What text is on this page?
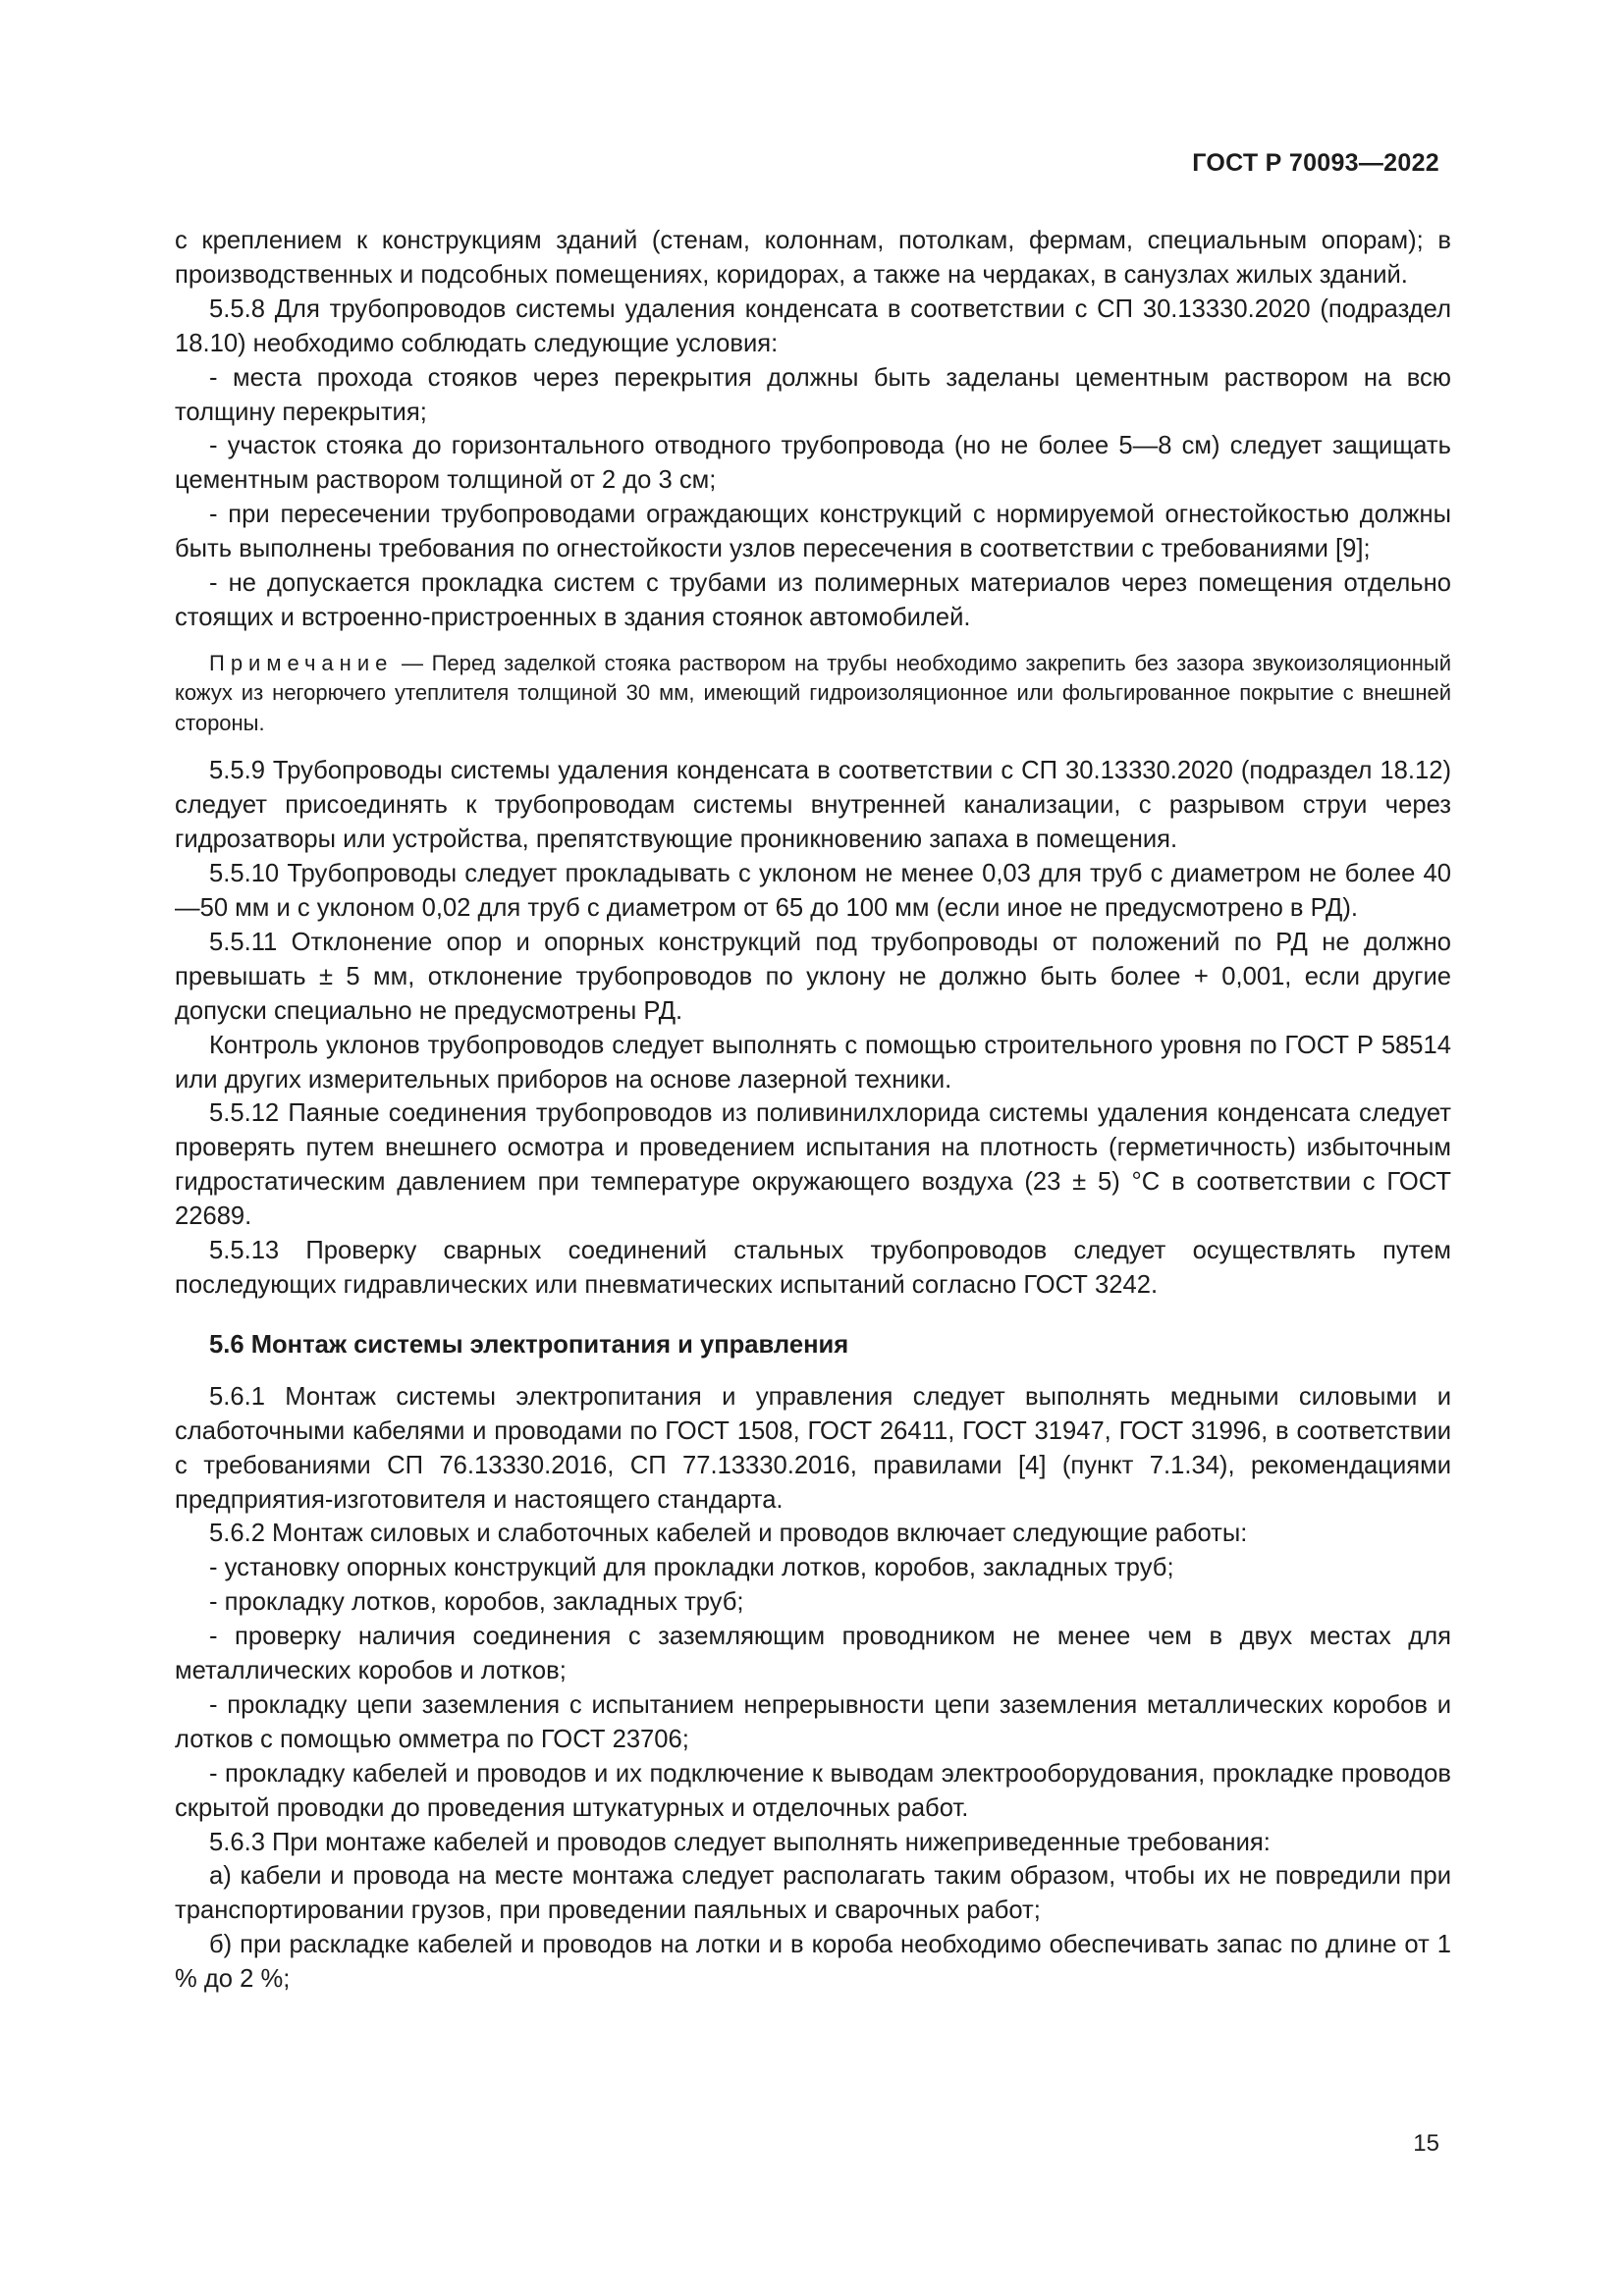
ГОСТ Р 70093—2022

с креплением к конструкциям зданий (стенам, колоннам, потолкам, фермам, специальным опорам); в производственных и подсобных помещениях, коридорах, а также на чердаках, в санузлах жилых зданий.

5.5.8 Для трубопроводов системы удаления конденсата в соответствии с СП 30.13330.2020 (подраздел 18.10) необходимо соблюдать следующие условия:

- места прохода стояков через перекрытия должны быть заделаны цементным раствором на всю толщину перекрытия;

- участок стояка до горизонтального отводного трубопровода (но не более 5—8 см) следует защищать цементным раствором толщиной от 2 до 3 см;

- при пересечении трубопроводами ограждающих конструкций с нормируемой огнестойкостью должны быть выполнены требования по огнестойкости узлов пересечения в соответствии с требованиями [9];

- не допускается прокладка систем с трубами из полимерных материалов через помещения отдельно стоящих и встроенно-пристроенных в здания стоянок автомобилей.

Примечание — Перед заделкой стояка раствором на трубы необходимо закрепить без зазора звукоизоляционный кожух из негорючего утеплителя толщиной 30 мм, имеющий гидроизоляционное или фольгированное покрытие с внешней стороны.

5.5.9 Трубопроводы системы удаления конденсата в соответствии с СП 30.13330.2020 (подраздел 18.12) следует присоединять к трубопроводам системы внутренней канализации, с разрывом струи через гидрозатворы или устройства, препятствующие проникновению запаха в помещения.

5.5.10 Трубопроводы следует прокладывать с уклоном не менее 0,03 для труб с диаметром не более 40—50 мм и с уклоном 0,02 для труб с диаметром от 65 до 100 мм (если иное не предусмотрено в РД).

5.5.11 Отклонение опор и опорных конструкций под трубопроводы от положений по РД не должно превышать ± 5 мм, отклонение трубопроводов по уклону не должно быть более + 0,001, если другие допуски специально не предусмотрены РД.

Контроль уклонов трубопроводов следует выполнять с помощью строительного уровня по ГОСТ Р 58514 или других измерительных приборов на основе лазерной техники.

5.5.12 Паяные соединения трубопроводов из поливинилхлорида системы удаления конденсата следует проверять путем внешнего осмотра и проведением испытания на плотность (герметичность) избыточным гидростатическим давлением при температуре окружающего воздуха (23 ± 5) °С в соответствии с ГОСТ 22689.

5.5.13 Проверку сварных соединений стальных трубопроводов следует осуществлять путем последующих гидравлических или пневматических испытаний согласно ГОСТ 3242.

5.6 Монтаж системы электропитания и управления

5.6.1 Монтаж системы электропитания и управления следует выполнять медными силовыми и слаботочными кабелями и проводами по ГОСТ 1508, ГОСТ 26411, ГОСТ 31947, ГОСТ 31996, в соответствии с требованиями СП 76.13330.2016, СП 77.13330.2016, правилами [4] (пункт 7.1.34), рекомендациями предприятия-изготовителя и настоящего стандарта.

5.6.2 Монтаж силовых и слаботочных кабелей и проводов включает следующие работы:

- установку опорных конструкций для прокладки лотков, коробов, закладных труб;

- прокладку лотков, коробов, закладных труб;

- проверку наличия соединения с заземляющим проводником не менее чем в двух местах для металлических коробов и лотков;

- прокладку цепи заземления с испытанием непрерывности цепи заземления металлических коробов и лотков с помощью омметра по ГОСТ 23706;

- прокладку кабелей и проводов и их подключение к выводам электрооборудования, прокладке проводов скрытой проводки до проведения штукатурных и отделочных работ.

5.6.3 При монтаже кабелей и проводов следует выполнять нижеприведенные требования:

а) кабели и провода на месте монтажа следует располагать таким образом, чтобы их не повредили при транспортировании грузов, при проведении паяльных и сварочных работ;

б) при раскладке кабелей и проводов на лотки и в короба необходимо обеспечивать запас по длине от 1 % до 2 %;

15
